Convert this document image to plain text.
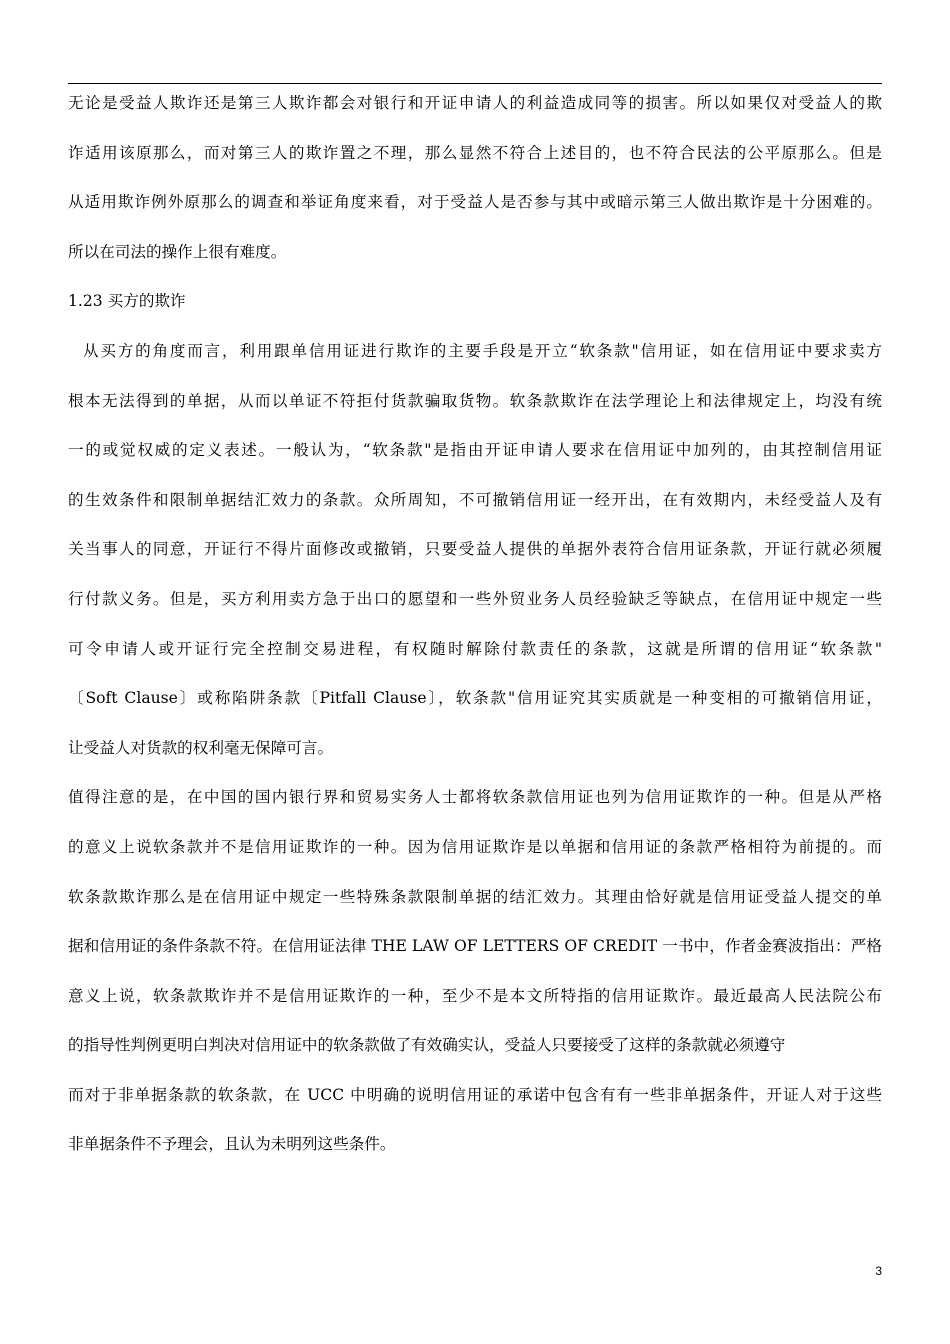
无论是受益人欺诈还是第三人欺诈都会对银行和开证申请人的利益造成同等的损害。所以如果仅对受益人的欺
诈适用该原那么，而对第三人的欺诈置之不理，那么显然不符合上述目的，也不符合民法的公平原那么。但是
从适用欺诈例外原那么的调查和举证角度来看，对于受益人是否参与其中或暗示第三人做出欺诈是十分困难的。
所以在司法的操作上很有难度。
1.23 买方的欺诈
从买方的角度而言，利用跟单信用证进行欺诈的主要手段是开立“软条款"信用证，如在信用证中要求卖方
根本无法得到的单据，从而以单证不符拒付货款骗取货物。软条款欺诈在法学理论上和法律规定上，均没有统
一的或觉权威的定义表述。一般认为，“软条款"是指由开证申请人要求在信用证中加列的，由其控制信用证
的生效条件和限制单据结汇效力的条款。众所周知，不可撤销信用证一经开出，在有效期内，未经受益人及有
关当事人的同意，开证行不得片面修改或撤销，只要受益人提供的单据外表符合信用证条款，开证行就必须履
行付款义务。但是，买方利用卖方急于出口的愿望和一些外贸业务人员经验缺乏等缺点，在信用证中规定一些
可令申请人或开证行完全控制交易进程，有权随时解除付款责任的条款，这就是所谓的信用证“软条款"
〔Soft Clause〕或称陷阱条款〔Pitfall Clause〕，软条款"信用证究其实质就是一种变相的可撤销信用证，
让受益人对货款的权利毫无保障可言。
值得注意的是，在中国的国内银行界和贸易实务人士都将软条款信用证也列为信用证欺诈的一种。但是从严格
的意义上说软条款并不是信用证欺诈的一种。因为信用证欺诈是以单据和信用证的条款严格相符为前提的。而
软条款欺诈那么是在信用证中规定一些特殊条款限制单据的结汇效力。其理由恰好就是信用证受益人提交的单
据和信用证的条件条款不符。在信用证法律 THE LAW OF LETTERS OF CREDIT 一书中，作者金赛波指出：严格
意义上说，软条款欺诈并不是信用证欺诈的一种，至少不是本文所特指的信用证欺诈。最近最高人民法院公布
的指导性判例更明白判决对信用证中的软条款做了有效确实认，受益人只要接受了这样的条款就必须遵守
而对于非单据条款的软条款，在 UCC 中明确的说明信用证的承诺中包含有有一些非单据条件，开证人对于这些
非单据条件不予理会，且认为未明列这些条件。
3
